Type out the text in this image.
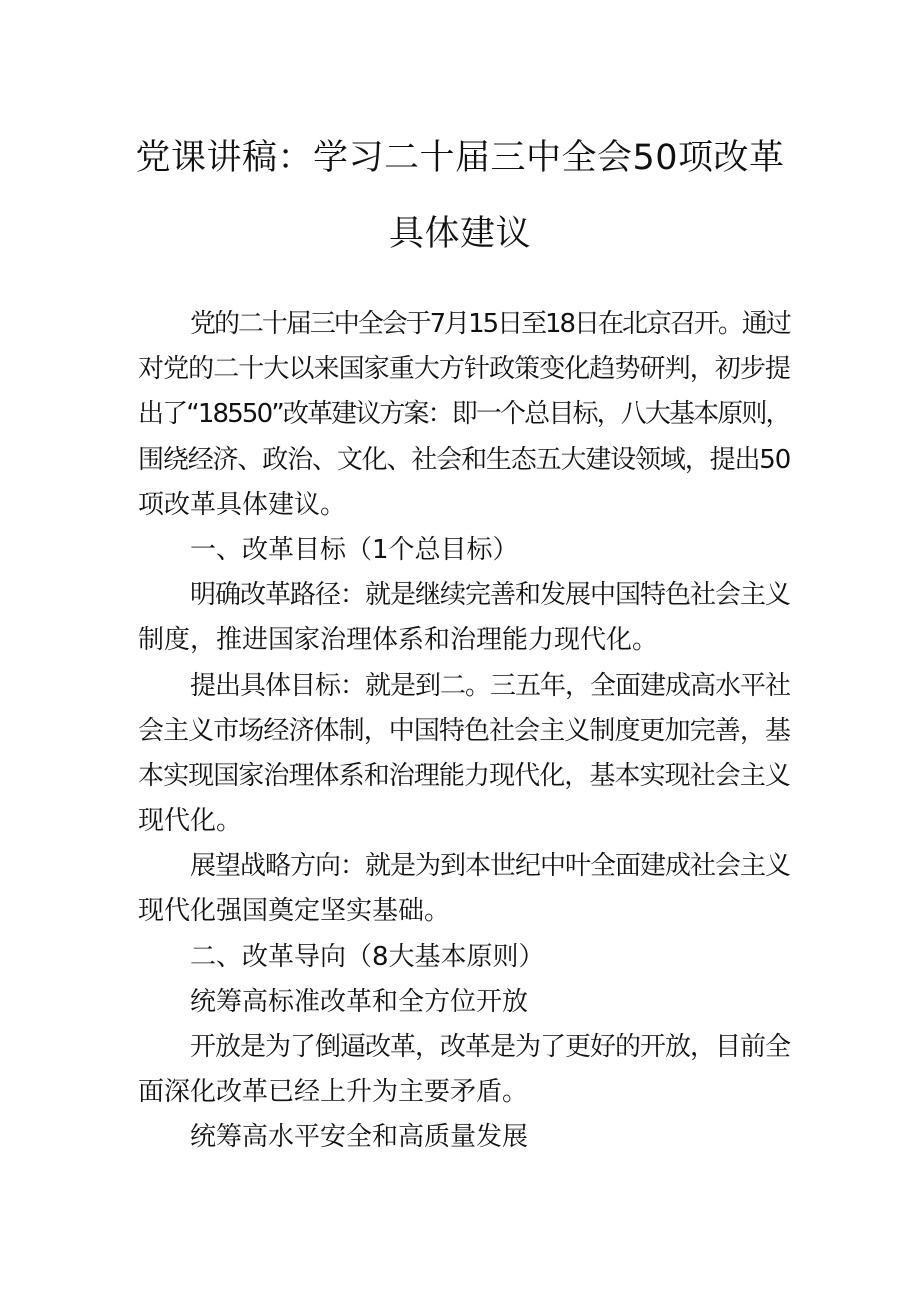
党课讲稿：学习二十届三中全会50项改革
具体建议
党的二十届三中全会于7月15日至18日在北京召开。通过
对党的二十大以来国家重大方针政策变化趋势研判，初步提
出了“18550”改革建议方案：即一个总目标，八大基本原则，
围绕经济、政治、文化、社会和生态五大建设领域，提出50
项改革具体建议。
一、改革目标（1个总目标）
明确改革路径：就是继续完善和发展中国特色社会主义
制度，推进国家治理体系和治理能力现代化。
提出具体目标：就是到二。三五年，全面建成高水平社
会主义市场经济体制，中国特色社会主义制度更加完善，基
本实现国家治理体系和治理能力现代化，基本实现社会主义
现代化。
展望战略方向：就是为到本世纪中叶全面建成社会主义
现代化强国奠定坚实基础。
二、改革导向（8大基本原则）
统筹高标准改革和全方位开放
开放是为了倒逼改革，改革是为了更好的开放，目前全
面深化改革已经上升为主要矛盾。
统筹高水平安全和高质量发展
